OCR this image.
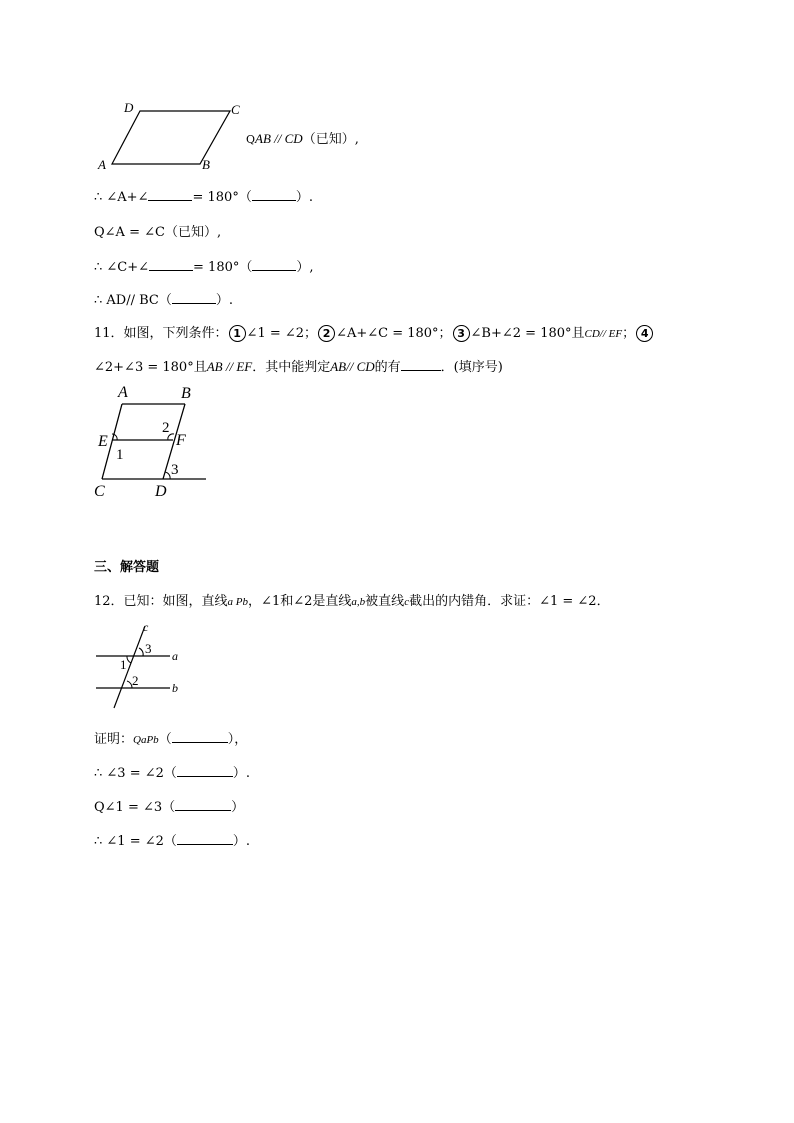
D	C
A	B
QAB // CD（已知）,
∴ ∠A+∠	= 180°（	）.
Q∠A = ∠C（已知）,
∴ ∠C+∠	= 180°（	）,
∴ AD// BC（	）.
11．如图，下列条件： 1 ∠1 = ∠2； 2 ∠A+∠C = 180°； 3 ∠B+∠2 = 180°且CD// EF； 4
∠2+∠3 = 180°且AB // EF．其中能判定AB// CD的有	．(填序号)
A	B
E	F
C	D
1
2
3
三、解答题
12．已知：如图，直线a Pb，∠1和∠2是直线a,b被直线c截出的内错角．求证：∠1 = ∠2．
c
a
b
3
1
2
证明：QaPb（	），
∴ ∠3 = ∠2（	）.
Q∠1 = ∠3（	）
∴ ∠1 = ∠2（	）.
